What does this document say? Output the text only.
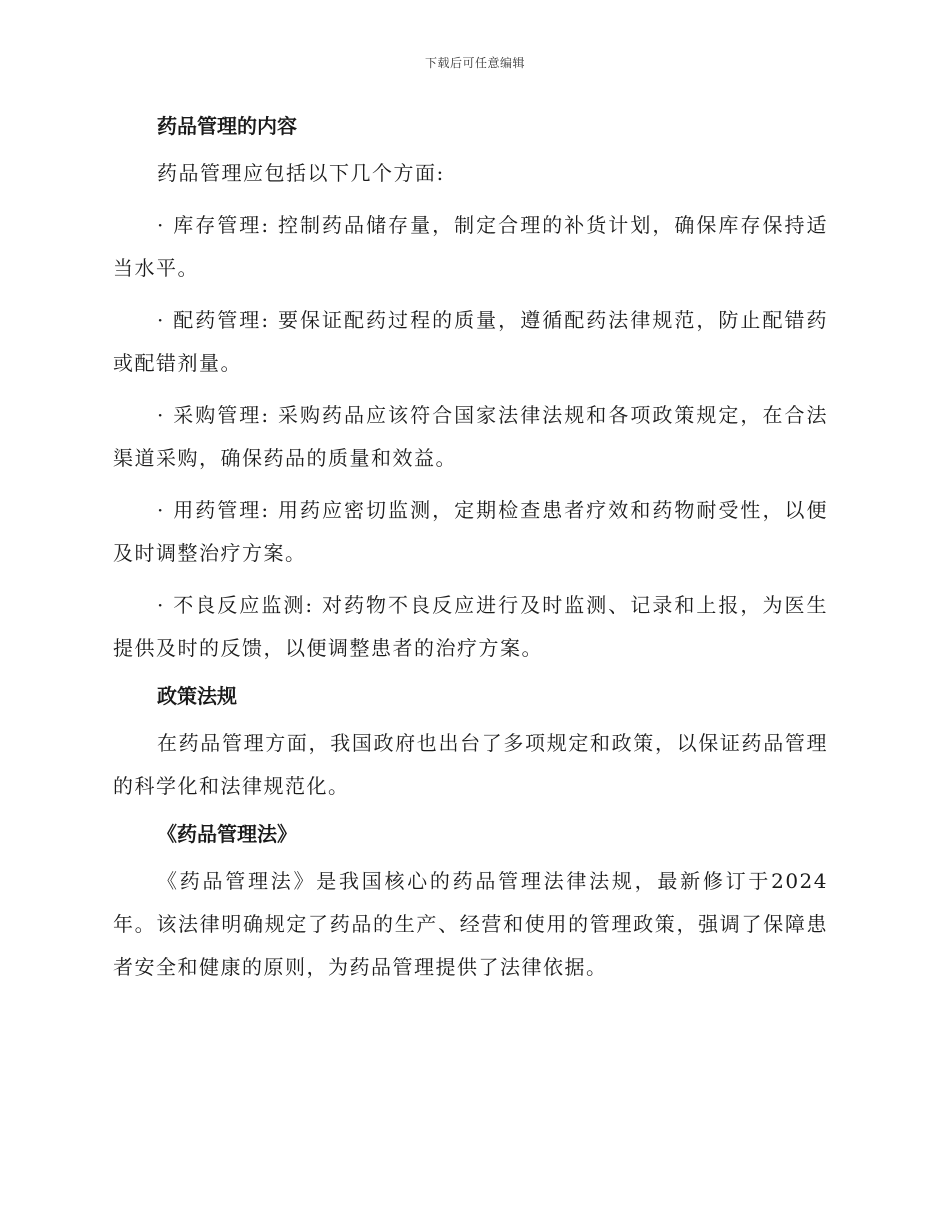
下载后可任意编辑
药品管理的内容

药品管理应包括以下几个方面:

· 库存管理: 控制药品储存量，制定合理的补货计划，确保库存保持适当水平。

· 配药管理: 要保证配药过程的质量，遵循配药法律规范，防止配错药或配错剂量。

· 采购管理: 采购药品应该符合国家法律法规和各项政策规定，在合法渠道采购，确保药品的质量和效益。

· 用药管理: 用药应密切监测，定期检查患者疗效和药物耐受性，以便及时调整治疗方案。

· 不良反应监测: 对药物不良反应进行及时监测、记录和上报，为医生提供及时的反馈，以便调整患者的治疗方案。

政策法规

在药品管理方面，我国政府也出台了多项规定和政策，以保证药品管理的科学化和法律规范化。

《药品管理法》

《药品管理法》是我国核心的药品管理法律法规，最新修订于2024年。该法律明确规定了药品的生产、经营和使用的管理政策，强调了保障患者安全和健康的原则，为药品管理提供了法律依据。
